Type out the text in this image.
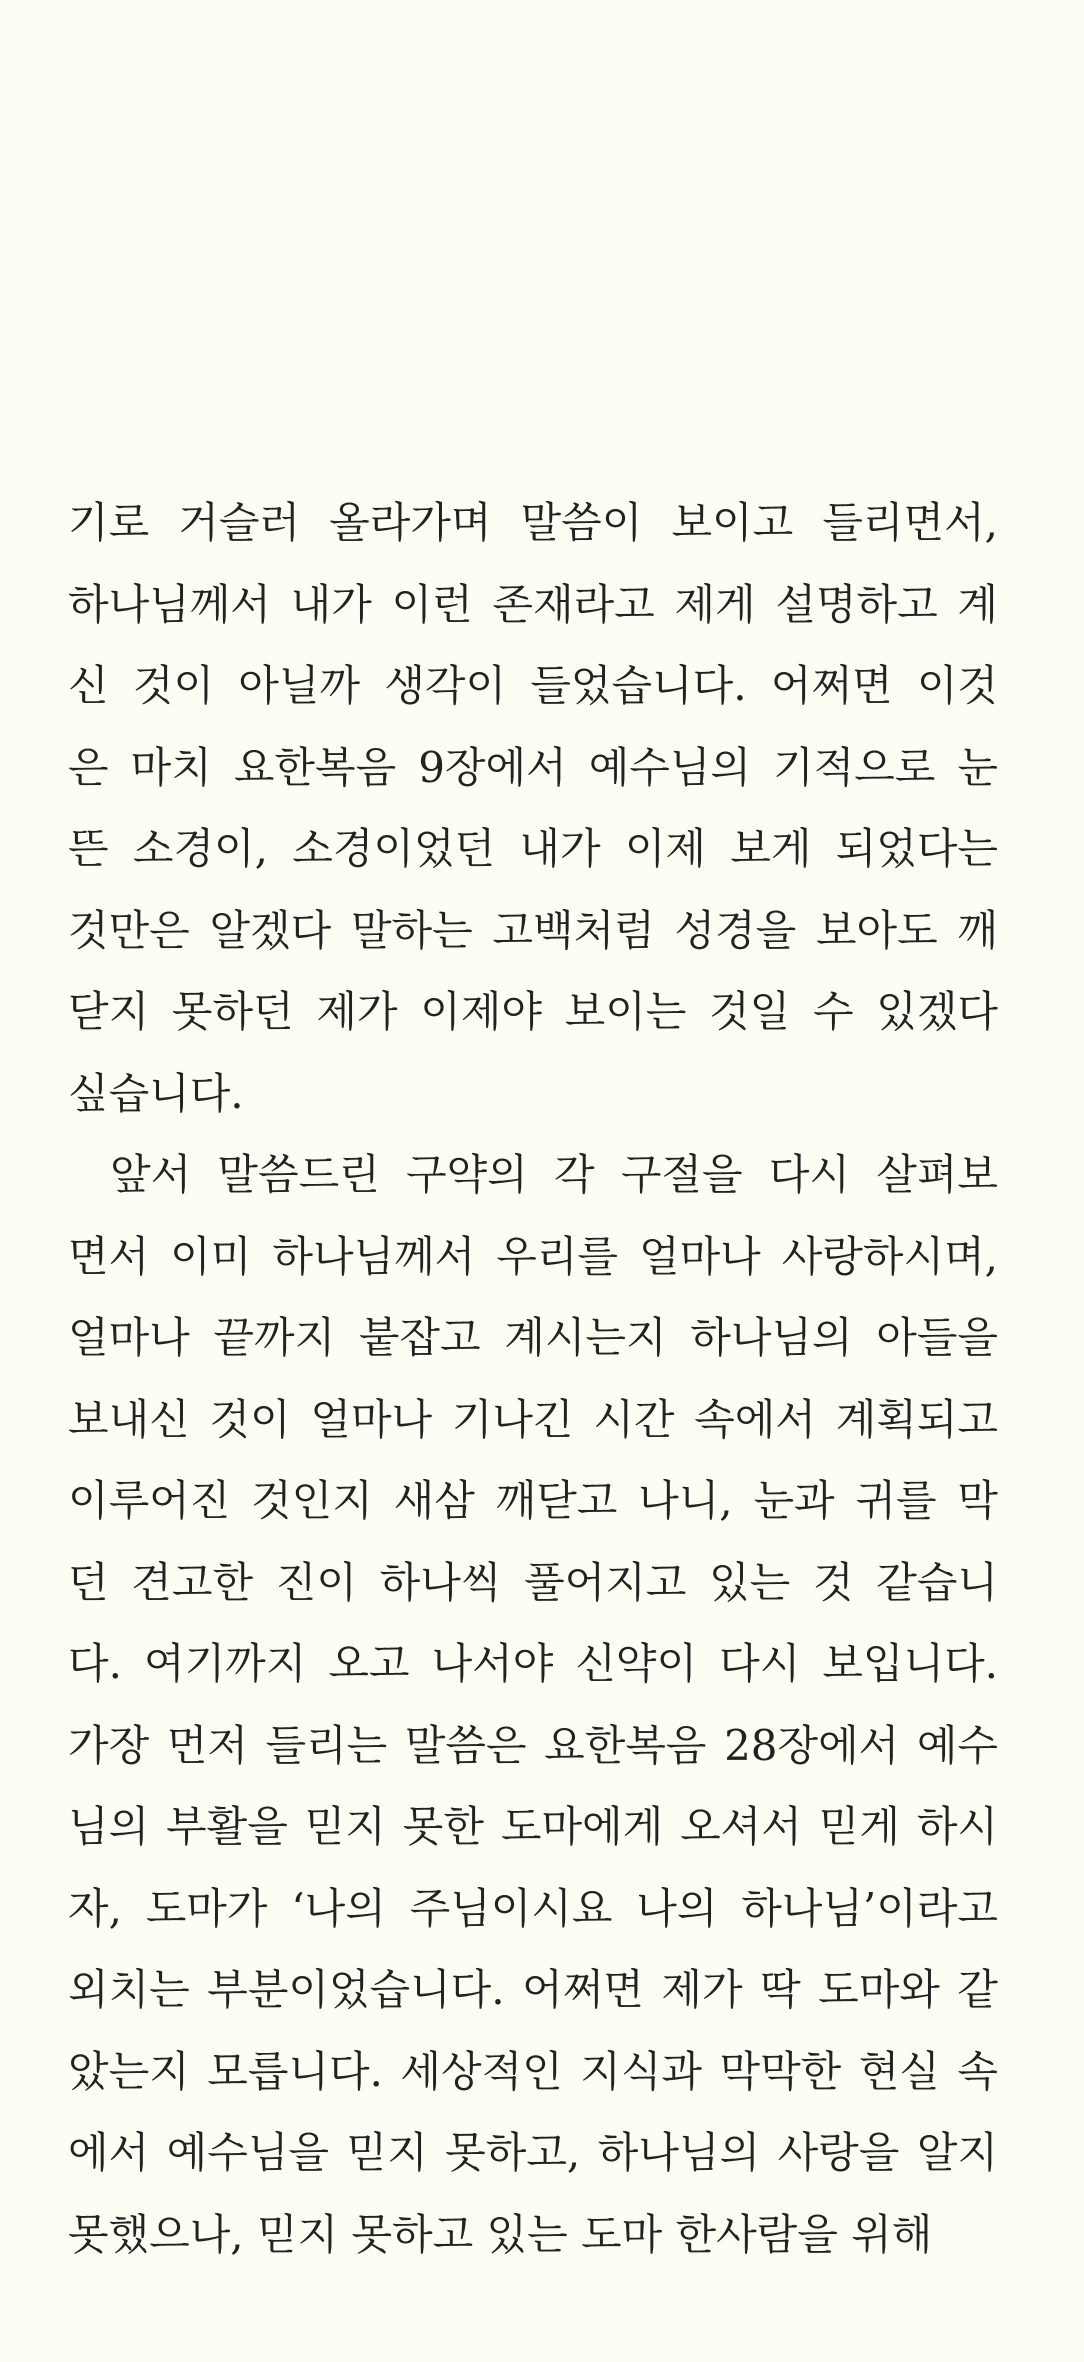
기로 거슬러 올라가며 말씀이 보이고 들리면서,
하나님께서 내가 이런 존재라고 제게 설명하고 계
신 것이 아닐까 생각이 들었습니다. 어쩌면 이것
은 마치 요한복음 9장에서 예수님의 기적으로 눈
뜬 소경이, 소경이었던 내가 이제 보게 되었다는
것만은 알겠다 말하는 고백처럼 성경을 보아도 깨
닫지 못하던 제가 이제야 보이는 것일 수 있겠다
싶습니다.
앞서 말씀드린 구약의 각 구절을 다시 살펴보
면서 이미 하나님께서 우리를 얼마나 사랑하시며,
얼마나 끝까지 붙잡고 계시는지 하나님의 아들을
보내신 것이 얼마나 기나긴 시간 속에서 계획되고
이루어진 것인지 새삼 깨닫고 나니, 눈과 귀를 막
던 견고한 진이 하나씩 풀어지고 있는 것 같습니
다. 여기까지 오고 나서야 신약이 다시 보입니다.
가장 먼저 들리는 말씀은 요한복음 28장에서 예수
님의 부활을 믿지 못한 도마에게 오셔서 믿게 하시
자, 도마가 ‘나의 주님이시요 나의 하나님’이라고
외치는 부분이었습니다. 어쩌면 제가 딱 도마와 같
았는지 모릅니다. 세상적인 지식과 막막한 현실 속
에서 예수님을 믿지 못하고, 하나님의 사랑을 알지
못했으나, 믿지 못하고 있는 도마 한사람을 위해
